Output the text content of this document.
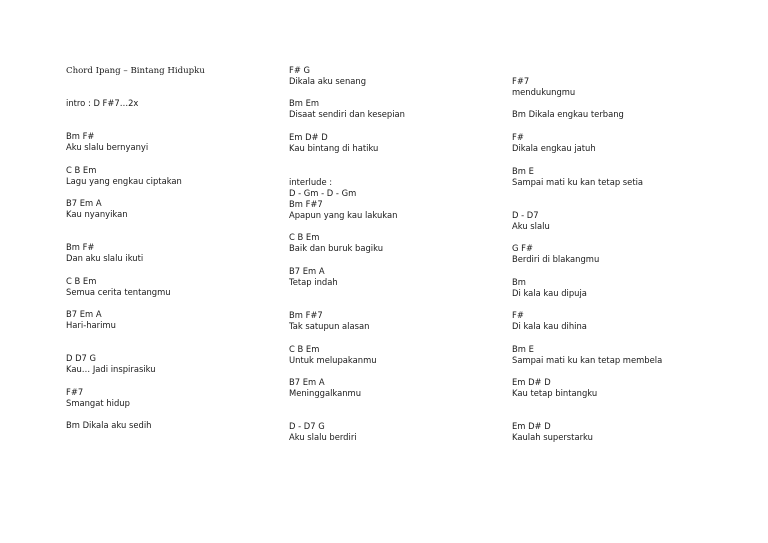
Chord Ipang – Bintang Hidupku
intro : D F#7…2x
Bm F#
Aku slalu bernyanyi
C B Em
Lagu yang engkau ciptakan
B7 Em A
Kau nyanyikan
Bm F#
Dan aku slalu ikuti
C B Em
Semua cerita tentangmu
B7 Em A
Hari-harimu
D D7 G
Kau… Jadi inspirasiku
F#7
Smangat hidup
Bm Dikala aku sedih
F# G
Dikala aku senang
Bm Em
Disaat sendiri dan kesepian
Em D# D
Kau bintang di hatiku
interlude :
D - Gm - D - Gm
Bm F#7
Apapun yang kau lakukan
C B Em
Baik dan buruk bagiku
B7 Em A
Tetap indah
Bm F#7
Tak satupun alasan
C B Em
Untuk melupakanmu
B7 Em A
Meninggalkanmu
D - D7 G
Aku slalu berdiri
F#7
mendukungmu
Bm Dikala engkau terbang
F#
Dikala engkau jatuh
Bm E
Sampai mati ku kan tetap setia
D - D7
Aku slalu
G F#
Berdiri di blakangmu
Bm
Di kala kau dipuja
F#
Di kala kau dihina
Bm E
Sampai mati ku kan tetap membela
Em D# D
Kau tetap bintangku
Em D# D
Kaulah superstarku
